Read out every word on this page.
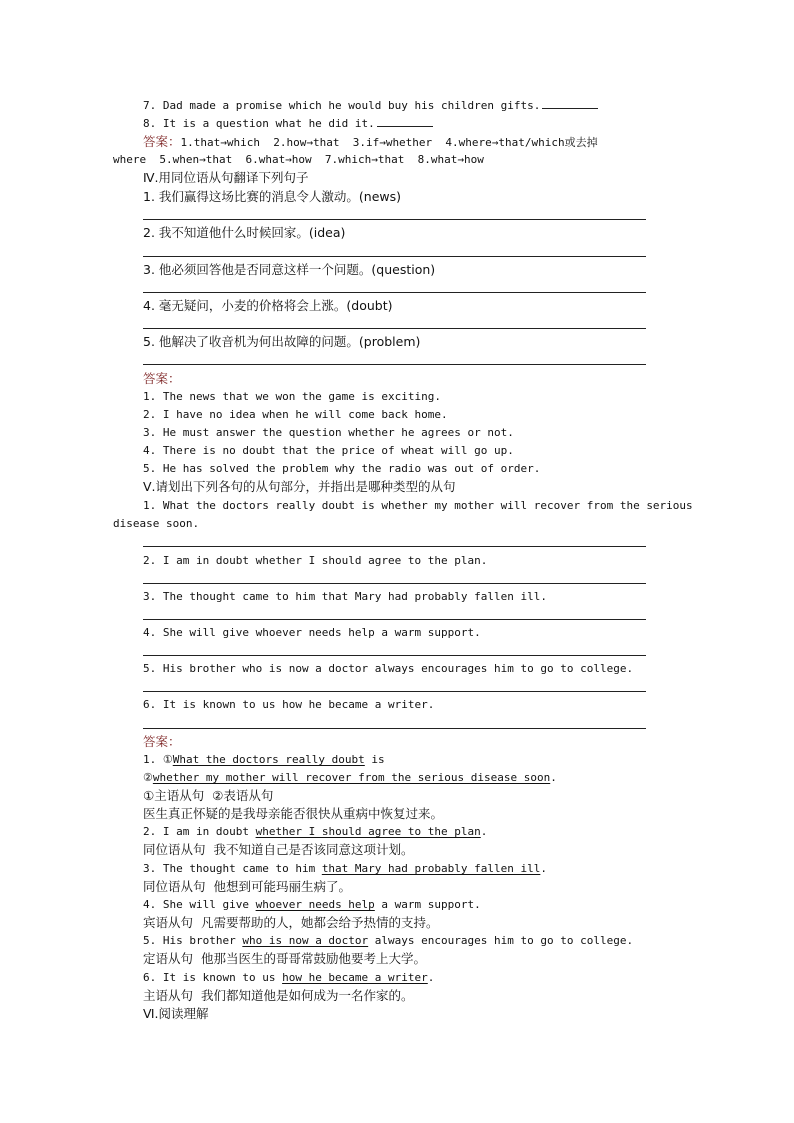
7. Dad made a promise which he would buy his children gifts.
8. It is a question what he did it.
答案：1.that→which  2.how→that  3.if→whether  4.where→that/which或去掉
where  5.when→that  6.what→how  7.which→that  8.what→how
Ⅳ.用同位语从句翻译下列句子
1. 我们赢得这场比赛的消息令人激动。(news)
2. 我不知道他什么时候回家。(idea)
3. 他必须回答他是否同意这样一个问题。(question)
4. 毫无疑问，小麦的价格将会上涨。(doubt)
5. 他解决了收音机为何出故障的问题。(problem)
答案：
1. The news that we won the game is exciting.
2. I have no idea when he will come back home.
3. He must answer the question whether he agrees or not.
4. There is no doubt that the price of wheat will go up.
5. He has solved the problem why the radio was out of order.
Ⅴ.请划出下列各句的从句部分，并指出是哪种类型的从句
1. What the doctors really doubt is whether my mother will recover from the serious
disease soon.
2. I am in doubt whether I should agree to the plan.
3. The thought came to him that Mary had probably fallen ill.
4. She will give whoever needs help a warm support.
5. His brother who is now a doctor always encourages him to go to college.
6. It is known to us how he became a writer.
答案：
1. ①What the doctors really doubt is
②whether my mother will recover from the serious disease soon.
①主语从句  ②表语从句
医生真正怀疑的是我母亲能否很快从重病中恢复过来。
2. I am in doubt whether I should agree to the plan.
同位语从句  我不知道自己是否该同意这项计划。
3. The thought came to him that Mary had probably fallen ill.
同位语从句  他想到可能玛丽生病了。
4. She will give whoever needs help a warm support.
宾语从句  凡需要帮助的人，她都会给予热情的支持。
5. His brother who is now a doctor always encourages him to go to college.
定语从句  他那当医生的哥哥常鼓励他要考上大学。
6. It is known to us how he became a writer.
主语从句  我们都知道他是如何成为一名作家的。
Ⅵ.阅读理解
